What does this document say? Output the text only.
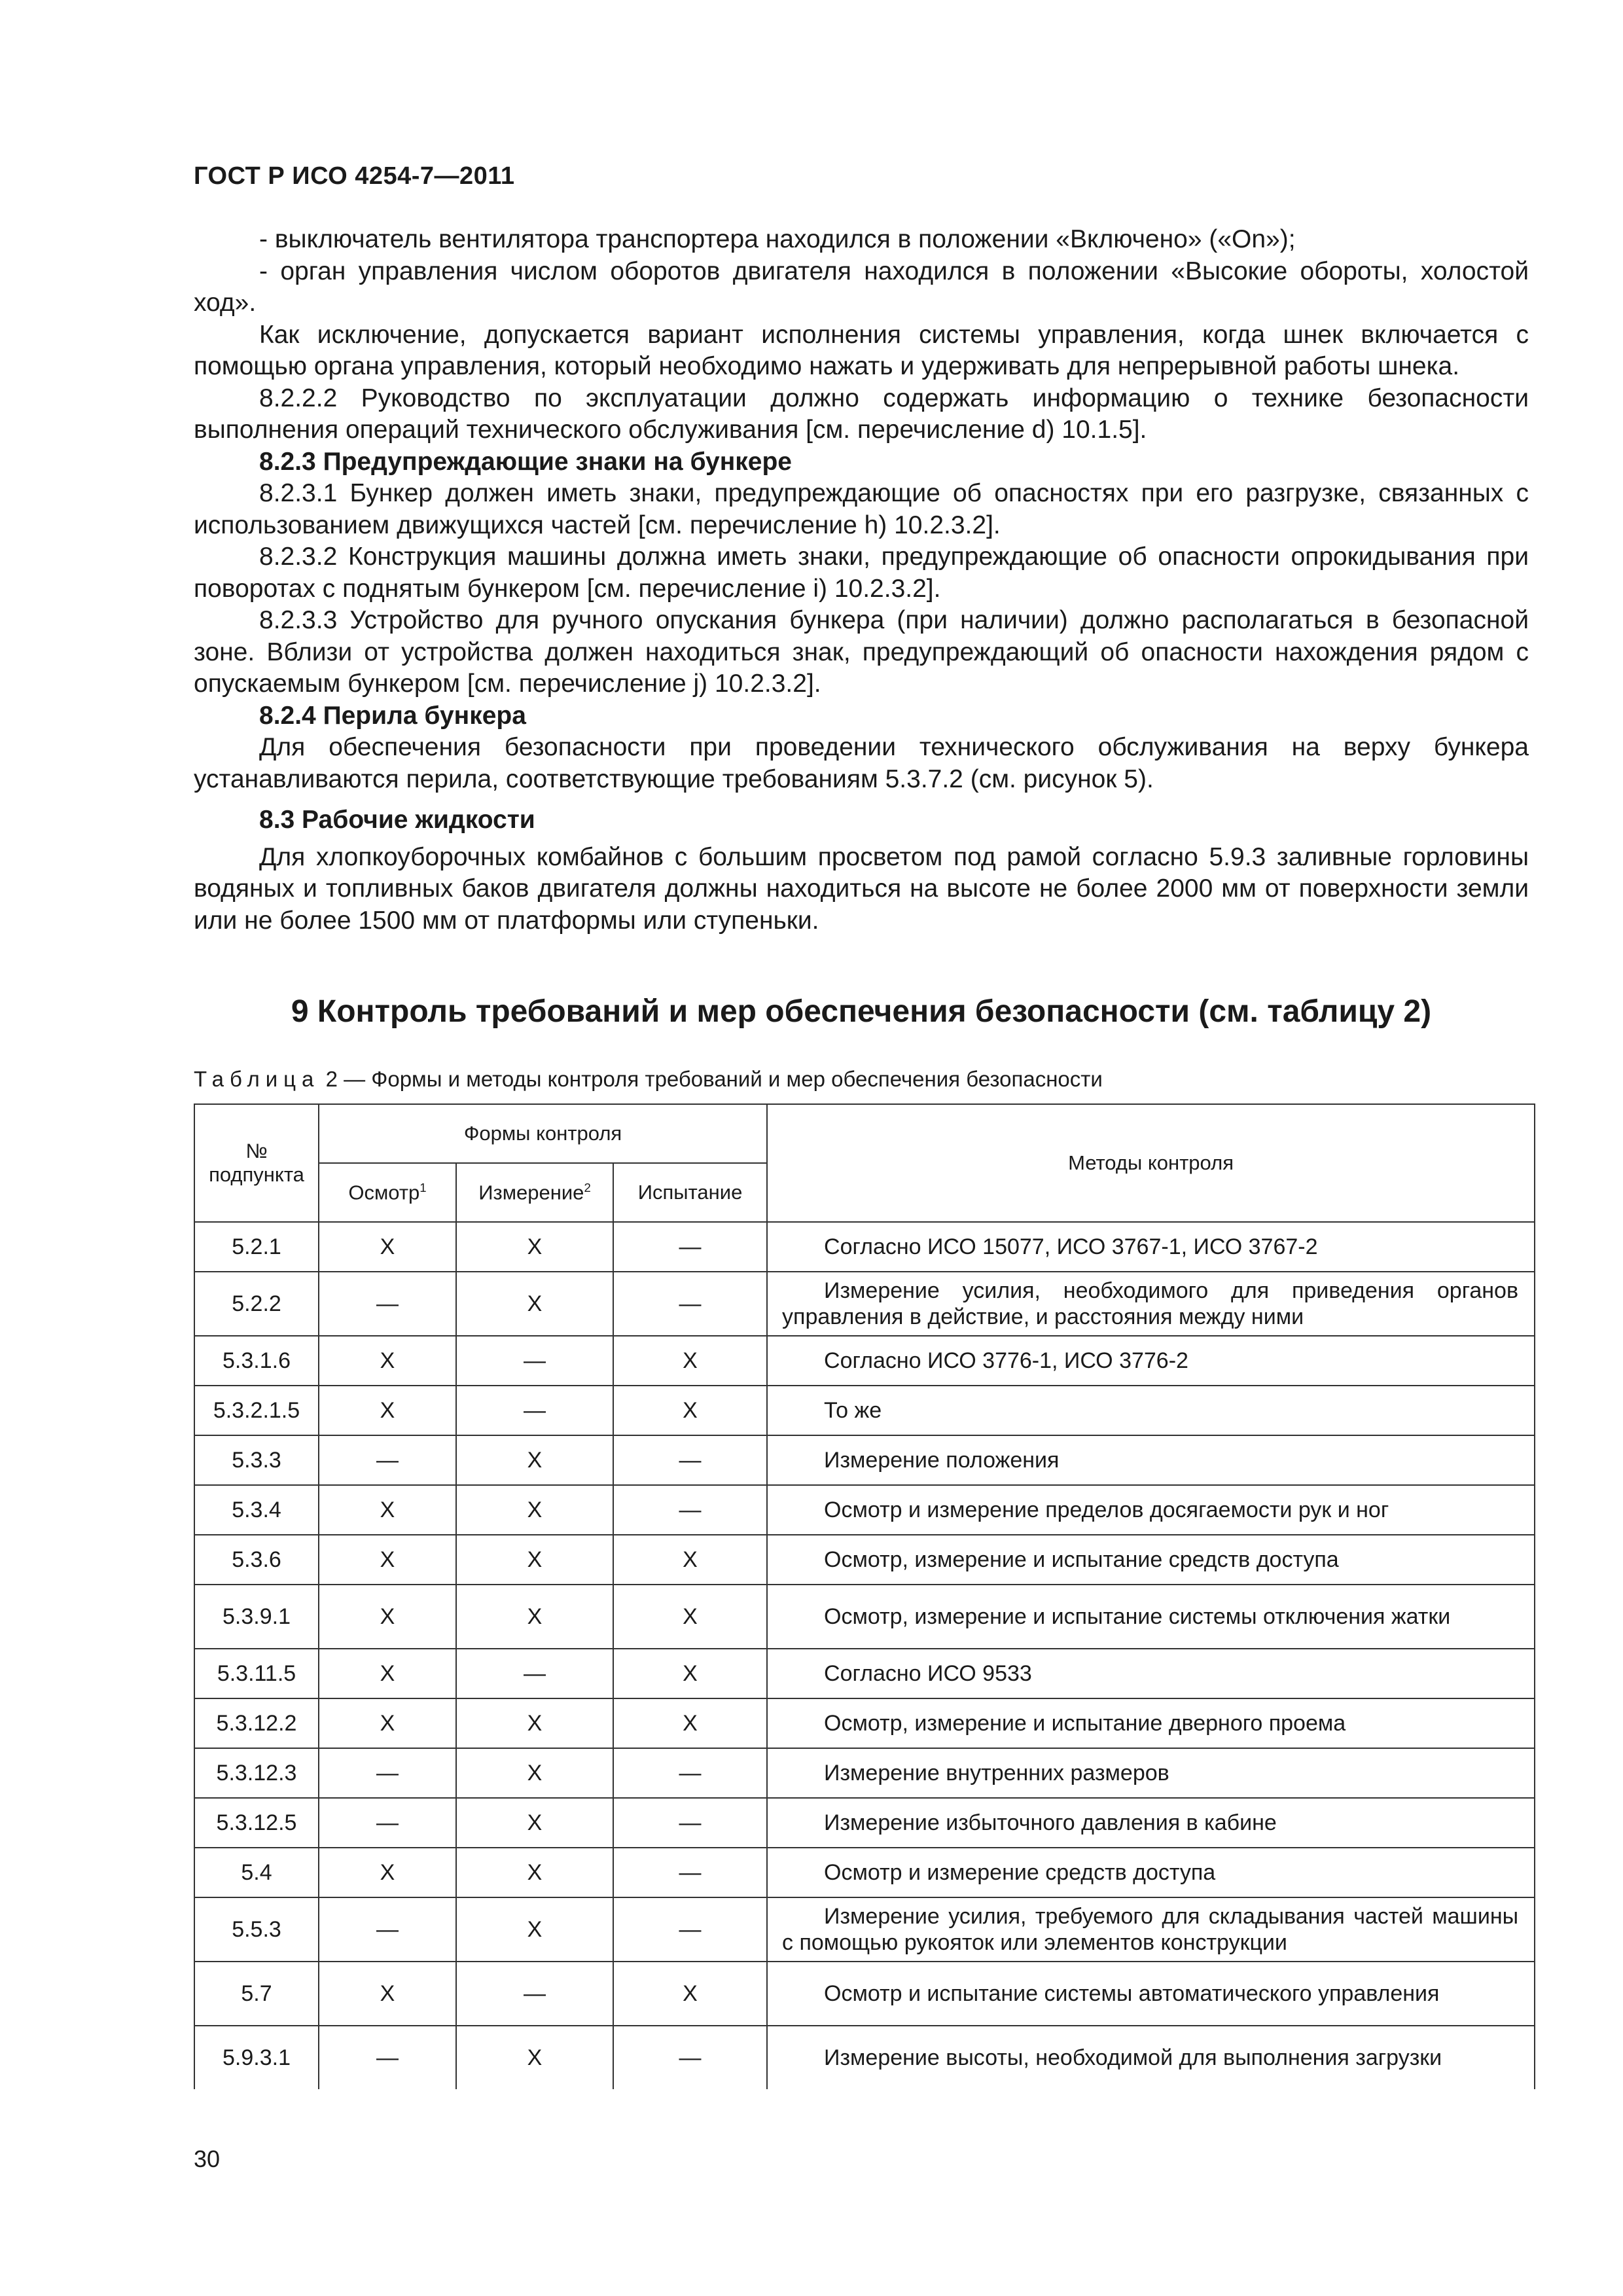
ГОСТ Р ИСО 4254-7—2011

- выключатель вентилятора транспортера находился в положении «Включено» («On»);

- орган управления числом оборотов двигателя находился в положении «Высокие обороты, холостой ход».

Как исключение, допускается вариант исполнения системы управления, когда шнек включается с помощью органа управления, который необходимо нажать и удерживать для непрерывной работы шнека.

8.2.2.2 Руководство по эксплуатации должно содержать информацию о технике безопасности выполнения операций технического обслуживания [см. перечисление d) 10.1.5].

8.2.3 Предупреждающие знаки на бункере

8.2.3.1 Бункер должен иметь знаки, предупреждающие об опасностях при его разгрузке, связанных с использованием движущихся частей [см. перечисление h) 10.2.3.2].

8.2.3.2 Конструкция машины должна иметь знаки, предупреждающие об опасности опрокидывания при поворотах с поднятым бункером [см. перечисление i) 10.2.3.2].

8.2.3.3 Устройство для ручного опускания бункера (при наличии) должно располагаться в безопасной зоне. Вблизи от устройства должен находиться знак, предупреждающий об опасности нахождения рядом с опускаемым бункером [см. перечисление j) 10.2.3.2].

8.2.4 Перила бункера

Для обеспечения безопасности при проведении технического обслуживания на верху бункера устанавливаются перила, соответствующие требованиям 5.3.7.2 (см. рисунок 5).

8.3 Рабочие жидкости

Для хлопкоуборочных комбайнов с большим просветом под рамой согласно 5.9.3 заливные горловины водяных и топливных баков двигателя должны находиться на высоте не более 2000 мм от поверхности земли или не более 1500 мм от платформы или ступеньки.

9 Контроль требований и мер обеспечения безопасности (см. таблицу 2)
Таблица 2 — Формы и методы контроля требований и мер обеспечения безопасности
№ подпункта	Формы контроля			Методы контроля
	Осмотр$^1$	Измерение$^2$	Испытание	
5.2.1	X	X	—	Согласно ИСО 15077, ИСО 3767-1, ИСО 3767-2
5.2.2	—	X	—	Измерение усилия, необходимого для приведения органов управления в действие, и расстояния между ними
5.3.1.6	X	—	X	Согласно ИСО 3776-1, ИСО 3776-2
5.3.2.1.5	X	—	X	То же
5.3.3	—	X	—	Измерение положения
5.3.4	X	X	—	Осмотр и измерение пределов досягаемости рук и ног
5.3.6	X	X	X	Осмотр, измерение и испытание средств доступа
5.3.9.1	X	X	X	Осмотр, измерение и испытание системы отключения жатки
5.3.11.5	X	—	X	Согласно ИСО 9533
5.3.12.2	X	X	X	Осмотр, измерение и испытание дверного проема
5.3.12.3	—	X	—	Измерение внутренних размеров
5.3.12.5	—	X	—	Измерение избыточного давления в кабине
5.4	X	X	—	Осмотр и измерение средств доступа
5.5.3	—	X	—	Измерение усилия, требуемого для складывания частей машины с помощью рукояток или элементов конструкции
5.7	X	—	X	Осмотр и испытание системы автоматического управления
5.9.3.1	—	X	—	Измерение высоты, необходимой для выполнения загрузки
30
